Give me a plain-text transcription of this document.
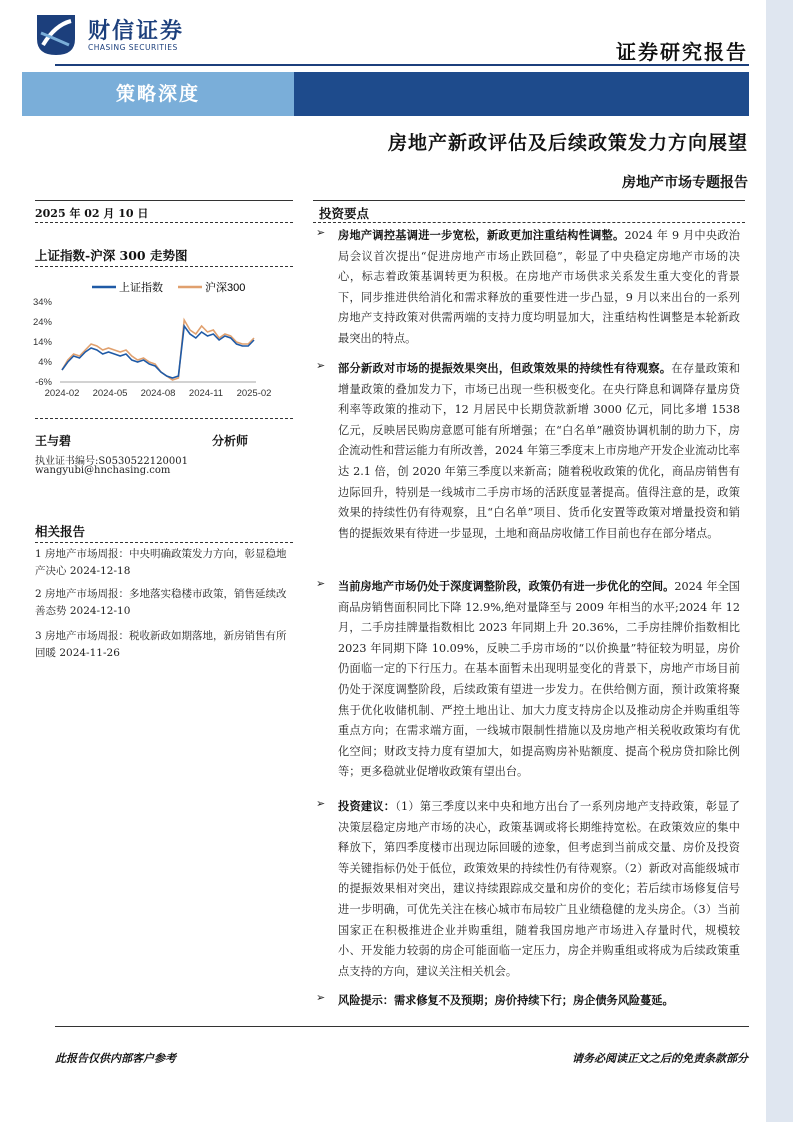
财信证券
CHASING SECURITIES	证券研究报告
策略深度
房地产新政评估及后续政策发力方向展望
房地产市场专题报告
2025 年 02 月 10 日
上证指数-沪深 300 走势图
上证指数	沪深300
34%
24%
14%
4%
-6%
2024-02 2024-05 2024-08 2024-11 2025-02
王与碧	分析师
执业证书编号:S0530522120001
wangyubi@hnchasing.com
相关报告
1 房地产市场周报：中央明确政策发力方向，彰显稳地产决心 2024-12-18
2 房地产市场周报：多地落实稳楼市政策，销售延续改善态势 2024-12-10
3 房地产市场周报：税收新政如期落地，新房销售有所回暖 2024-11-26
投资要点
➢ 房地产调控基调进一步宽松，新政更加注重结构性调整。2024 年 9 月中央政治局会议首次提出“促进房地产市场止跌回稳”，彰显了中央稳定房地产市场的决心，标志着政策基调转更为积极。在房地产市场供求关系发生重大变化的背景下，同步推进供给消化和需求释放的重要性进一步凸显，9 月以来出台的一系列房地产支持政策对供需两端的支持力度均明显加大，注重结构性调整是本轮新政最突出的特点。
➢ 部分新政对市场的提振效果突出，但政策效果的持续性有待观察。在存量政策和增量政策的叠加发力下，市场已出现一些积极变化。在央行降息和调降存量房贷利率等政策的推动下，12 月居民中长期贷款新增 3000 亿元，同比多增 1538 亿元，反映居民购房意愿可能有所增强；在“白名单”融资协调机制的助力下，房企流动性和营运能力有所改善，2024 年第三季度末上市房地产开发企业流动比率达 2.1 倍，创 2020 年第三季度以来新高；随着税收政策的优化，商品房销售有边际回升，特别是一线城市二手房市场的活跃度显著提高。值得注意的是，政策效果的持续性仍有待观察，且“白名单”项目、货币化安置等政策对增量投资和销售的提振效果有待进一步显现，土地和商品房收储工作目前也存在部分堵点。
➢ 当前房地产市场仍处于深度调整阶段，政策仍有进一步优化的空间。2024 年全国商品房销售面积同比下降 12.9%,绝对量降至与 2009 年相当的水平;2024 年 12 月，二手房挂牌量指数相比 2023 年同期上升 20.36%，二手房挂牌价指数相比 2023 年同期下降 10.09%，反映二手房市场的“以价换量”特征较为明显，房价仍面临一定的下行压力。在基本面暂未出现明显变化的背景下，房地产市场目前仍处于深度调整阶段，后续政策有望进一步发力。在供给侧方面，预计政策将聚焦于优化收储机制、严控土地出让、加大力度支持房企以及推动房企并购重组等重点方向；在需求端方面，一线城市限制性措施以及房地产相关税收政策均有优化空间；财政支持力度有望加大，如提高购房补贴额度、提高个税房贷扣除比例等；更多稳就业促增收政策有望出台。
➢ 投资建议：（1）第三季度以来中央和地方出台了一系列房地产支持政策，彰显了决策层稳定房地产市场的决心，政策基调或将长期维持宽松。在政策效应的集中释放下，第四季度楼市出现边际回暖的迹象，但考虑到当前成交量、房价及投资等关键指标仍处于低位，政策效果的持续性仍有待观察。（2）新政对高能级城市的提振效果相对突出，建议持续跟踪成交量和房价的变化；若后续市场修复信号进一步明确，可优先关注在核心城市布局较广且业绩稳健的龙头房企。（3）当前国家正在积极推进企业并购重组，随着我国房地产市场进入存量时代，规模较小、开发能力较弱的房企可能面临一定压力，房企并购重组或将成为后续政策重点支持的方向，建议关注相关机会。
➢ 风险提示：需求修复不及预期；房价持续下行；房企债务风险蔓延。
此报告仅供内部客户参考	请务必阅读正文之后的免责条款部分
